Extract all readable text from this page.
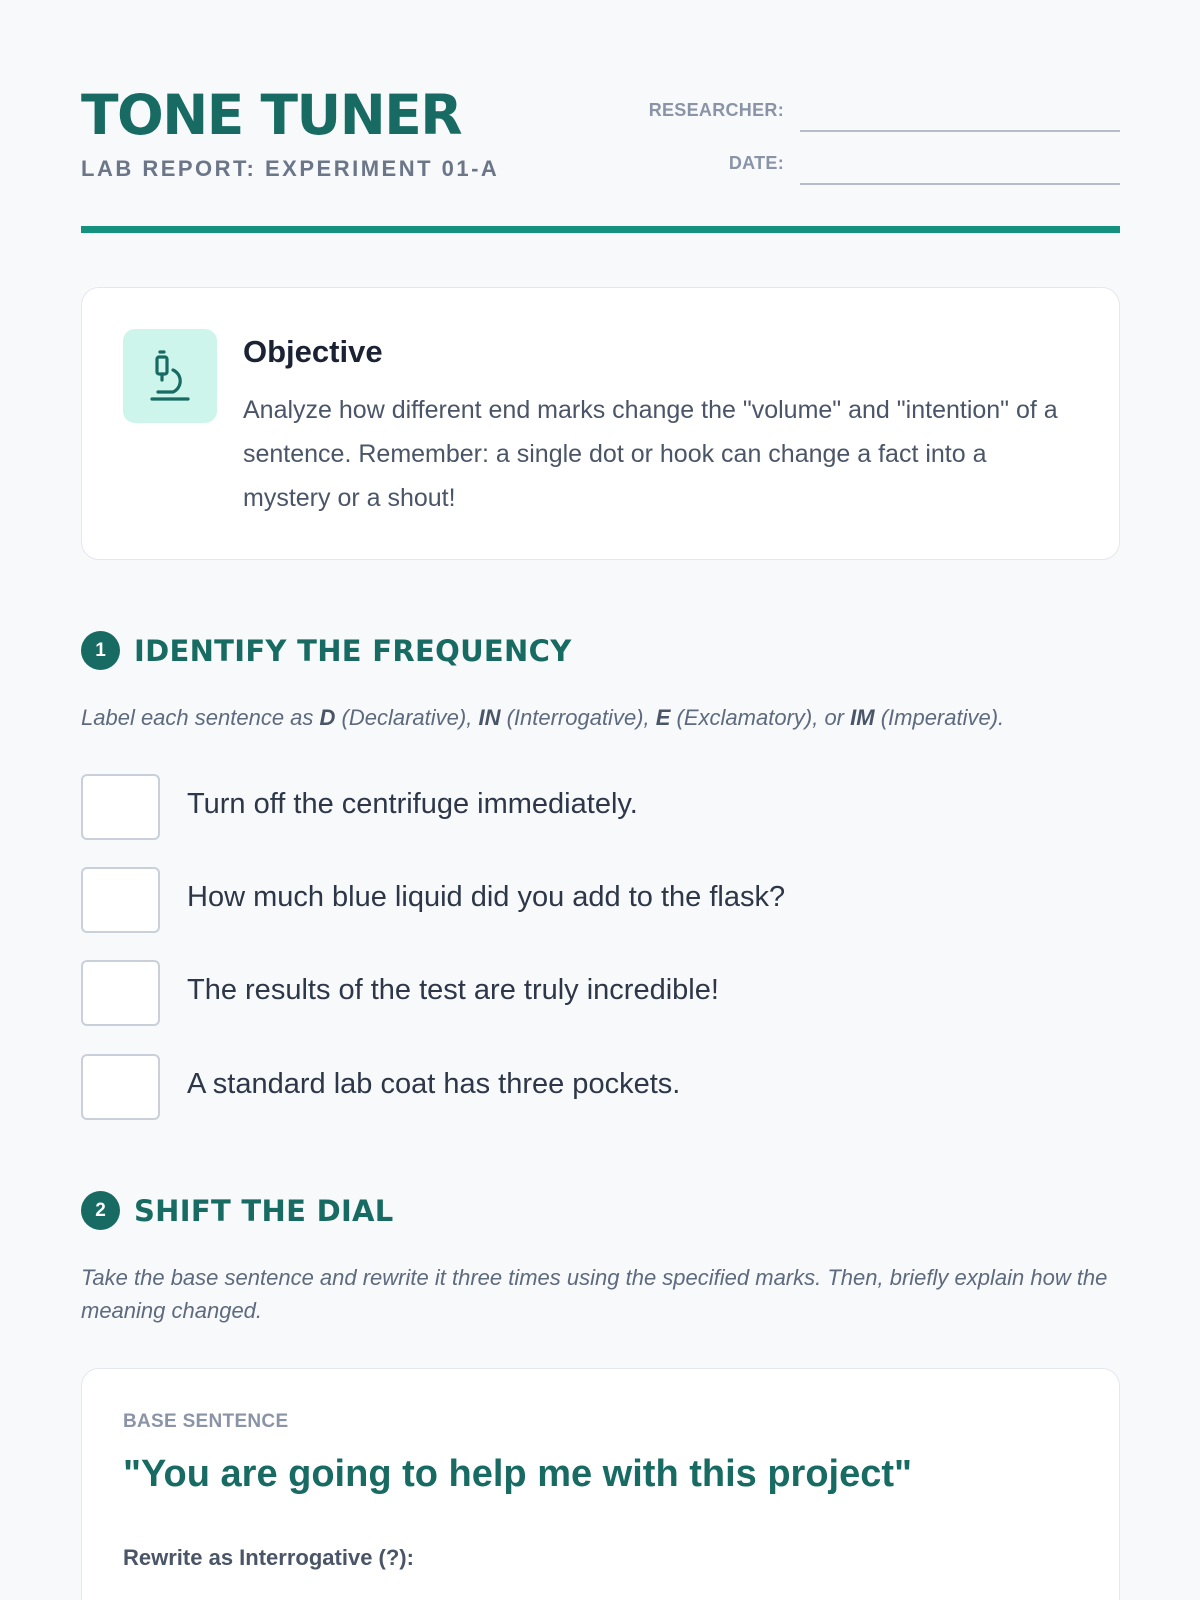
TONE TUNER
LAB REPORT: EXPERIMENT 01-A
RESEARCHER:
DATE:
Objective
Analyze how different end marks change the "volume" and "intention" of a sentence. Remember: a single dot or hook can change a fact into a mystery or a shout!
1 IDENTIFY THE FREQUENCY
Label each sentence as D (Declarative), IN (Interrogative), E (Exclamatory), or IM (Imperative).
Turn off the centrifuge immediately.
How much blue liquid did you add to the flask?
The results of the test are truly incredible!
A standard lab coat has three pockets.
2 SHIFT THE DIAL
Take the base sentence and rewrite it three times using the specified marks. Then, briefly explain how the meaning changed.
BASE SENTENCE
"You are going to help me with this project"
Rewrite as Interrogative (?):
